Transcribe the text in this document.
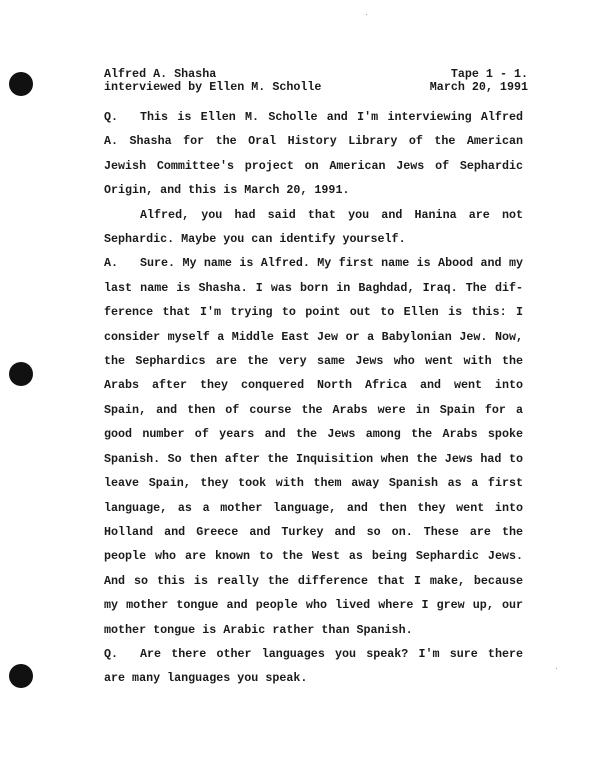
Alfred A. Shasha	Tape 1 - 1.
interviewed by Ellen M. Scholle	March 20, 1991

Q. This is Ellen M. Scholle and I'm interviewing Alfred A. Shasha for the Oral History Library of the American Jewish Committee's project on American Jews of Sephardic Origin, and this is March 20, 1991.

Alfred, you had said that you and Hanina are not Sephardic. Maybe you can identify yourself.

A. Sure. My name is Alfred. My first name is Abood and my last name is Shasha. I was born in Baghdad, Iraq. The dif-ference that I'm trying to point out to Ellen is this: I consider myself a Middle East Jew or a Babylonian Jew. Now, the Sephardics are the very same Jews who went with the Arabs after they conquered North Africa and went into Spain, and then of course the Arabs were in Spain for a good number of years and the Jews among the Arabs spoke Spanish. So then after the Inquisition when the Jews had to leave Spain, they took with them away Spanish as a first language, as a mother language, and then they went into Holland and Greece and Turkey and so on. These are the people who are known to the West as being Sephardic Jews. And so this is really the difference that I make, because my mother tongue and people who lived where I grew up, our mother tongue is Arabic rather than Spanish.

Q. Are there other languages you speak? I'm sure there are many languages you speak.
